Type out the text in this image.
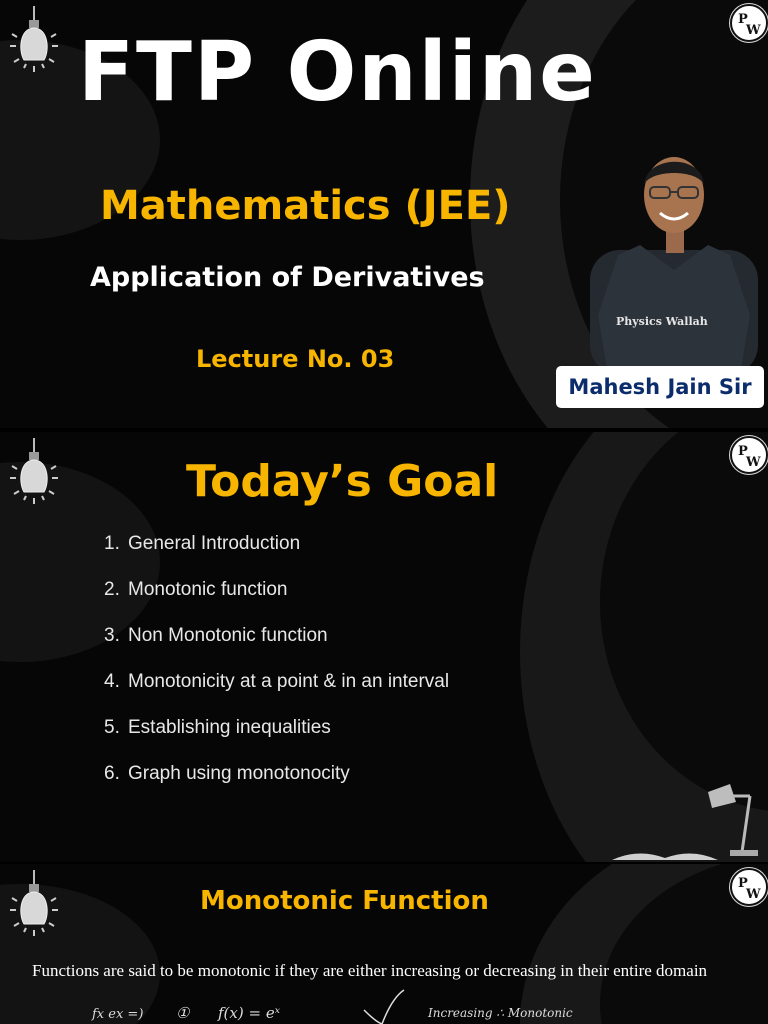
P
W
FTP Online
Mathematics (JEE)
Application of Derivatives
Lecture No. 03
Physics Wallah
Mahesh Jain Sir
P
W
Today’s Goal
1. General Introduction
2. Monotonic function
3. Non Monotonic function
4. Monotonicity at a point & in an interval
5. Establishing inequalities
6. Graph using monotonocity
P
W
Monotonic Function
Functions are said to be monotonic if they are either increasing or decreasing in their entire domain
fx ex =) ① f(x) = eˣ	Increasing ∴ Monotonic
